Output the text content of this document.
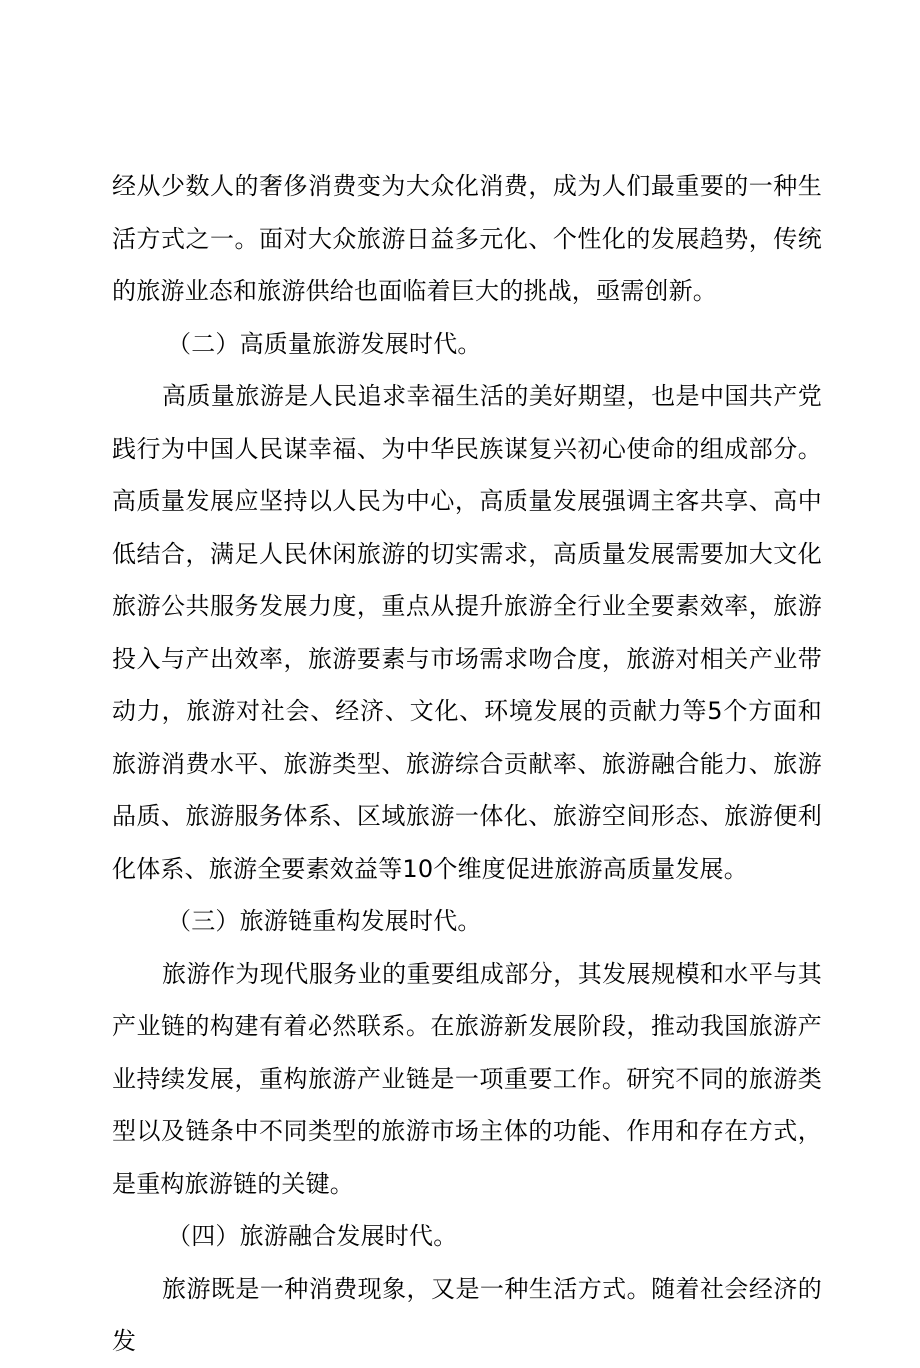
经从少数人的奢侈消费变为大众化消费，成为人们最重要的一种生活方式之一。面对大众旅游日益多元化、个性化的发展趋势，传统的旅游业态和旅游供给也面临着巨大的挑战，亟需创新。

（二）高质量旅游发展时代。

高质量旅游是人民追求幸福生活的美好期望，也是中国共产党践行为中国人民谋幸福、为中华民族谋复兴初心使命的组成部分。高质量发展应坚持以人民为中心，高质量发展强调主客共享、高中低结合，满足人民休闲旅游的切实需求，高质量发展需要加大文化旅游公共服务发展力度，重点从提升旅游全行业全要素效率，旅游投入与产出效率，旅游要素与市场需求吻合度，旅游对相关产业带动力，旅游对社会、经济、文化、环境发展的贡献力等5个方面和旅游消费水平、旅游类型、旅游综合贡献率、旅游融合能力、旅游品质、旅游服务体系、区域旅游一体化、旅游空间形态、旅游便利化体系、旅游全要素效益等10个维度促进旅游高质量发展。

（三）旅游链重构发展时代。

旅游作为现代服务业的重要组成部分，其发展规模和水平与其产业链的构建有着必然联系。在旅游新发展阶段，推动我国旅游产业持续发展，重构旅游产业链是一项重要工作。研究不同的旅游类型以及链条中不同类型的旅游市场主体的功能、作用和存在方式，是重构旅游链的关键。

（四）旅游融合发展时代。

旅游既是一种消费现象，又是一种生活方式。随着社会经济的发
